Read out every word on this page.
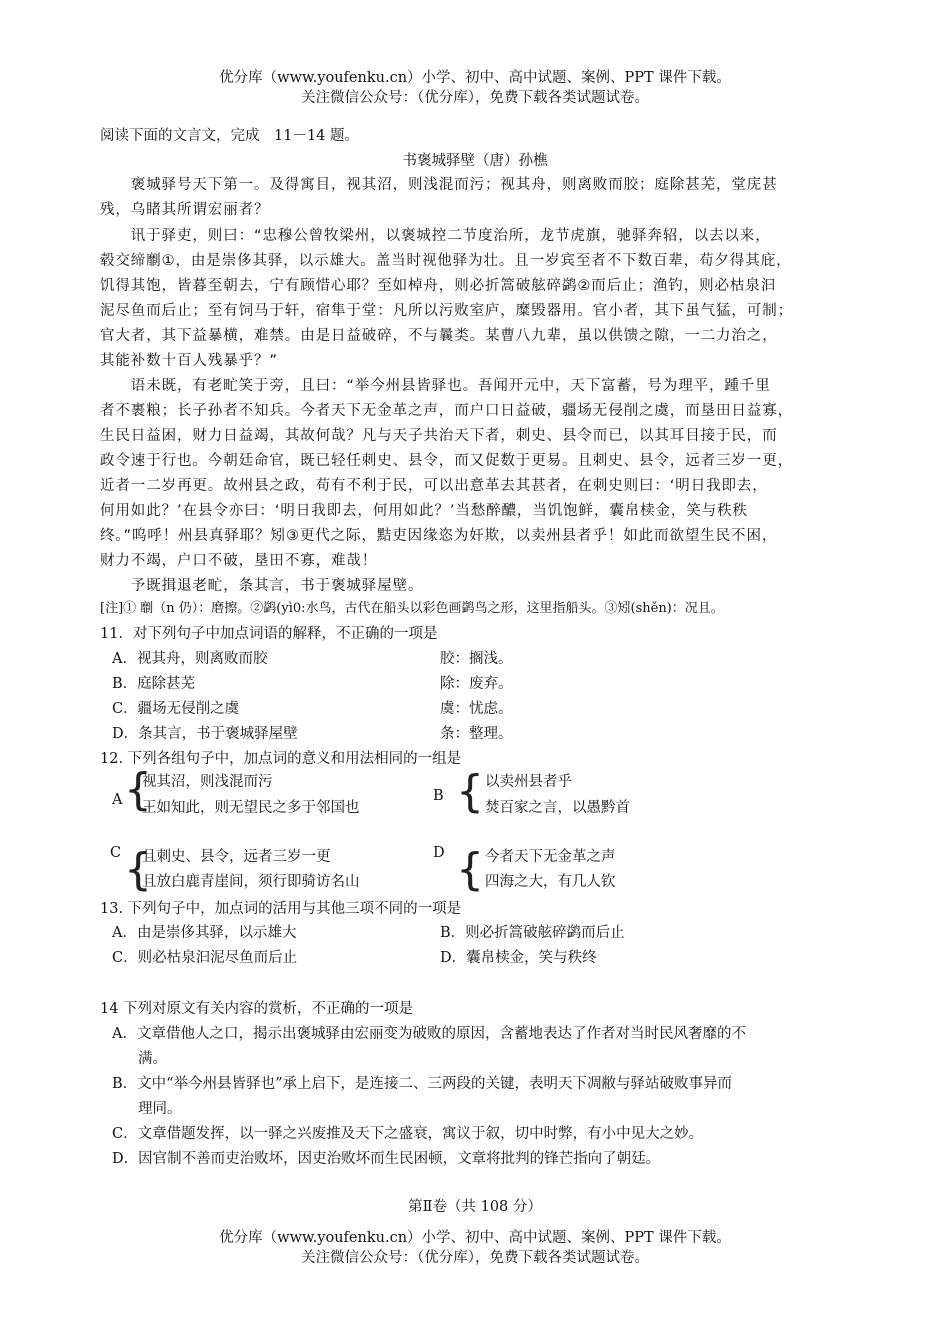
优分库（www.youfenku.cn）小学、初中、高中试题、案例、PPT 课件下载。
关注微信公众号：（优分库），免费下载各类试题试卷。
阅读下面的文言文，完成　11－14 题。
书褒城驿壁（唐）孙樵
　　褒城驿号天下第一。及得寓目，视其沼，则浅混而污；视其舟，则离败而胶；庭除甚芜，堂庑甚
残，乌睹其所谓宏丽者？
　　讯于驿吏，则曰：“忠穆公曾牧梁州，以褒城控二节度治所，龙节虎旗，驰驿奔轺，以去以来，
毂交缔劘①，由是崇侈其驿，以示雄大。盖当时视他驿为壮。且一岁宾至者不下数百辈，苟夕得其庇，
饥得其饱，皆暮至朝去，宁有顾惜心耶？至如棹舟，则必折篙破舷碎鹢②而后止；渔钓，则必枯泉汩
泥尽鱼而后止；至有饲马于轩，宿隼于堂：凡所以污败室庐，糜毁器用。官小者，其下虽气猛，可制；
官大者，其下益暴横，难禁。由是日益破碎，不与曩类。某曹八九辈，虽以供馈之隙，一二力治之，
其能补数十百人残暴乎？”
　　语未既，有老甿笑于旁，且曰：“举今州县皆驿也。吾闻开元中，天下富蓄，号为理平，踵千里
者不裹粮；长子孙者不知兵。今者天下无金革之声，而户口日益破，疆场无侵削之虞，而垦田日益寡，
生民日益困，财力日益竭，其故何哉？凡与天子共治天下者，刺史、县令而已，以其耳目接于民，而
政令速于行也。今朝廷命官，既已轻任刺史、县令，而又促数于更易。且刺史、县令，远者三岁一更，
近者一二岁再更。故州县之政，苟有不利于民，可以出意革去其甚者，在刺史则曰：‘明日我即去，
何用如此？’在县令亦曰：‘明日我即去，何用如此？’当愁醉醲，当饥饱鲜，囊帛椟金，笑与秩秩
终。”呜呼！州县真驿耶？矧③更代之际，黠吏因缘恣为奸欺，以卖州县者乎！如此而欲望生民不困，
财力不竭，户口不破，垦田不寡，难哉！
　　予既揖退老甿，条其言，书于褒城驿屋壁。
[注]① 劘（n 仍）：磨擦。②鹢(yì0:水鸟，古代在船头以彩色画鹢鸟之形，这里指船头。③矧(shěn)：况且。
11．对下列句子中加点词语的解释，不正确的一项是
A．视其舟，则离败而胶	胶：搁浅。
B．庭除甚芜	除：废弃。
C．疆场无侵削之虞	虞：忧虑。
D．条其言，书于褒城驿屋壁	条：整理。
12. 下列各组句子中，加点词的意义和用法相同的一组是
A {
视其沼，则浅混而污
王如知此，则无望民之多于邻国也
B { 以卖州县者乎
焚百家之言，以愚黔首
C {
且刺史、县令，远者三岁一更
且放白鹿青崖间，须行即骑访名山
D { 今者天下无金革之声
四海之大，有几人钦
13. 下列句子中，加点词的活用与其他三项不同的一项是
A．由是崇侈其驿，以示雄大	B．则必折篙破舷碎鹢而后止
C．则必枯泉汩泥尽鱼而后止	D．囊帛椟金，笑与秩终
14 下列对原文有关内容的赏析，不正确的一项是
A．文章借他人之口，揭示出褒城驿由宏丽变为破败的原因，含蓄地表达了作者对当时民风奢靡的不
满。
B．文中“举今州县皆驿也”承上启下，是连接二、三两段的关键，表明天下凋敝与驿站破败事异而
理同。
C．文章借题发挥，以一驿之兴废推及天下之盛衰，寓议于叙，切中时弊，有小中见大之妙。
D．因官制不善而吏治败坏，因吏治败坏而生民困顿，文章将批判的锋芒指向了朝廷。
第Ⅱ卷（共 108 分）
优分库（www.youfenku.cn）小学、初中、高中试题、案例、PPT 课件下载。
关注微信公众号：（优分库），免费下载各类试题试卷。
